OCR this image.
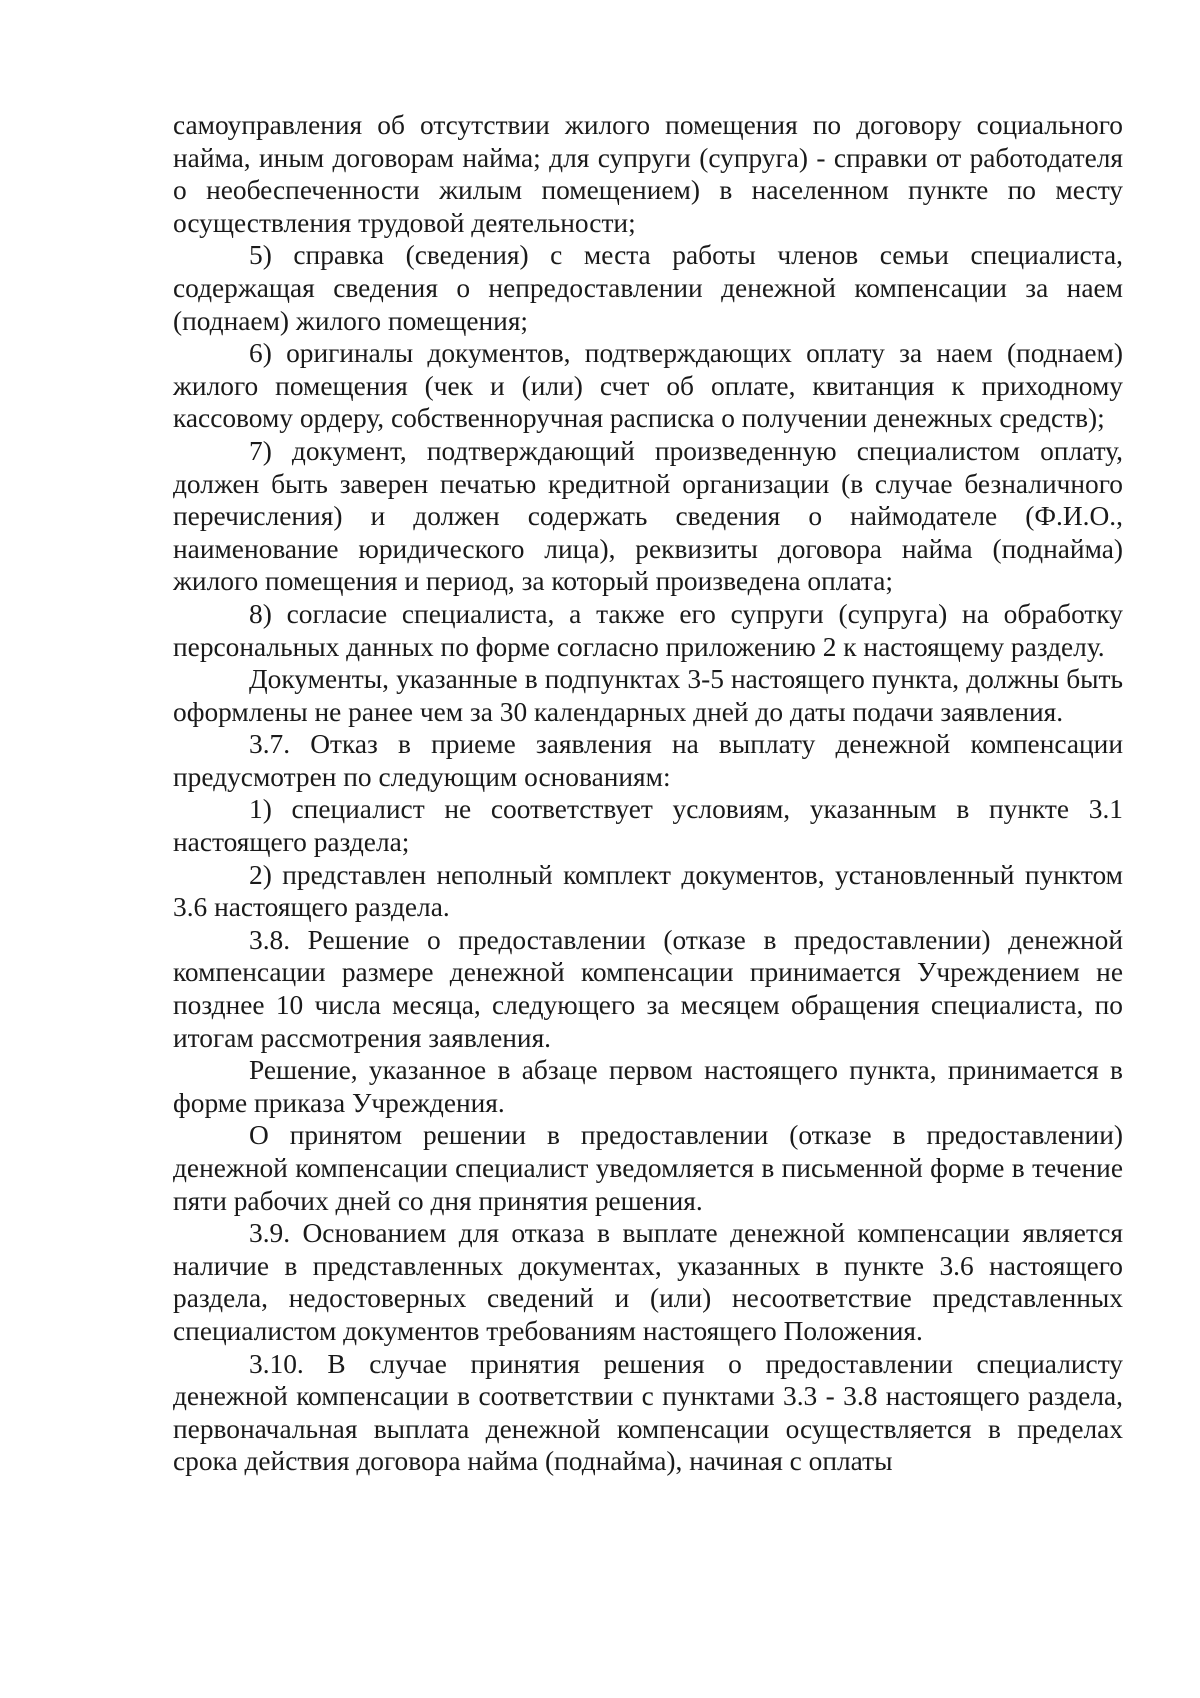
самоуправления об отсутствии жилого помещения по договору социального найма, иным договорам найма; для супруги (супруга) - справки от работодателя о необеспеченности жилым помещением) в населенном пункте по месту осуществления трудовой деятельности;

5) справка (сведения) с места работы членов семьи специалиста, содержащая сведения о непредоставлении денежной компенсации за наем (поднаем) жилого помещения;

6) оригиналы документов, подтверждающих оплату за наем (поднаем) жилого помещения (чек и (или) счет об оплате, квитанция к приходному кассовому ордеру, собственноручная расписка о получении денежных средств);

7) документ, подтверждающий произведенную специалистом оплату, должен быть заверен печатью кредитной организации (в случае безналичного перечисления) и должен содержать сведения о наймодателе (Ф.И.О., наименование юридического лица), реквизиты договора найма (поднайма) жилого помещения и период, за который произведена оплата;

8) согласие специалиста, а также его супруги (супруга) на обработку персональных данных по форме согласно приложению 2 к настоящему разделу.

Документы, указанные в подпунктах 3-5 настоящего пункта, должны быть оформлены не ранее чем за 30 календарных дней до даты подачи заявления.

3.7. Отказ в приеме заявления на выплату денежной компенсации предусмотрен по следующим основаниям:

1) специалист не соответствует условиям, указанным в пункте 3.1 настоящего раздела;

2) представлен неполный комплект документов, установленный пунктом 3.6 настоящего раздела.

3.8. Решение о предоставлении (отказе в предоставлении) денежной компенсации размере денежной компенсации принимается Учреждением не позднее 10 числа месяца, следующего за месяцем обращения специалиста, по итогам рассмотрения заявления.

Решение, указанное в абзаце первом настоящего пункта, принимается в форме приказа Учреждения.

О принятом решении в предоставлении (отказе в предоставлении) денежной компенсации специалист уведомляется в письменной форме в течение пяти рабочих дней со дня принятия решения.

3.9. Основанием для отказа в выплате денежной компенсации является наличие в представленных документах, указанных в пункте 3.6 настоящего раздела, недостоверных сведений и (или) несоответствие представленных специалистом документов требованиям настоящего Положения.

3.10. В случае принятия решения о предоставлении специалисту денежной компенсации в соответствии с пунктами 3.3 - 3.8 настоящего раздела, первоначальная выплата денежной компенсации осуществляется в пределах срока действия договора найма (поднайма), начиная с оплаты
